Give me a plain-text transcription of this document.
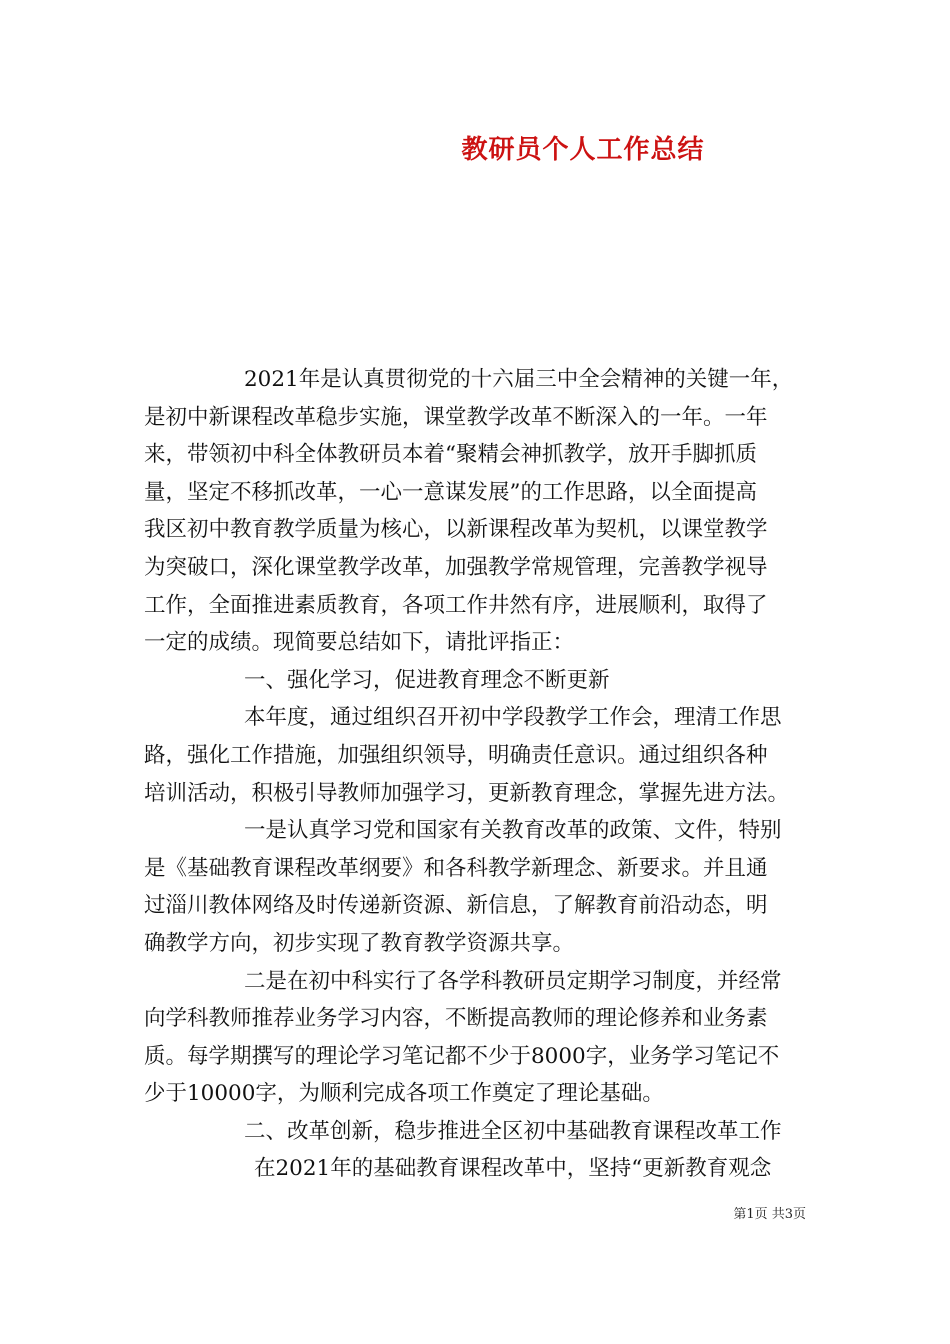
教研员个人工作总结
2021年是认真贯彻党的十六届三中全会精神的关键一年，
是初中新课程改革稳步实施，课堂教学改革不断深入的一年。一年
来，带领初中科全体教研员本着“聚精会神抓教学，放开手脚抓质
量，坚定不移抓改革，一心一意谋发展”的工作思路，以全面提高
我区初中教育教学质量为核心，以新课程改革为契机，以课堂教学
为突破口，深化课堂教学改革，加强教学常规管理，完善教学视导
工作，全面推进素质教育，各项工作井然有序，进展顺利，取得了
一定的成绩。现简要总结如下，请批评指正：
一、强化学习，促进教育理念不断更新
本年度，通过组织召开初中学段教学工作会，理清工作思
路，强化工作措施，加强组织领导，明确责任意识。通过组织各种
培训活动，积极引导教师加强学习，更新教育理念，掌握先进方法。
一是认真学习党和国家有关教育改革的政策、文件，特别
是《基础教育课程改革纲要》和各科教学新理念、新要求。并且通
过淄川教体网络及时传递新资源、新信息，了解教育前沿动态，明
确教学方向，初步实现了教育教学资源共享。
二是在初中科实行了各学科教研员定期学习制度，并经常
向学科教师推荐业务学习内容，不断提高教师的理论修养和业务素
质。每学期撰写的理论学习笔记都不少于8000字，业务学习笔记不
少于10000字，为顺利完成各项工作奠定了理论基础。
二、改革创新，稳步推进全区初中基础教育课程改革工作
在2021年的基础教育课程改革中，坚持“更新教育观念
第1页 共3页
